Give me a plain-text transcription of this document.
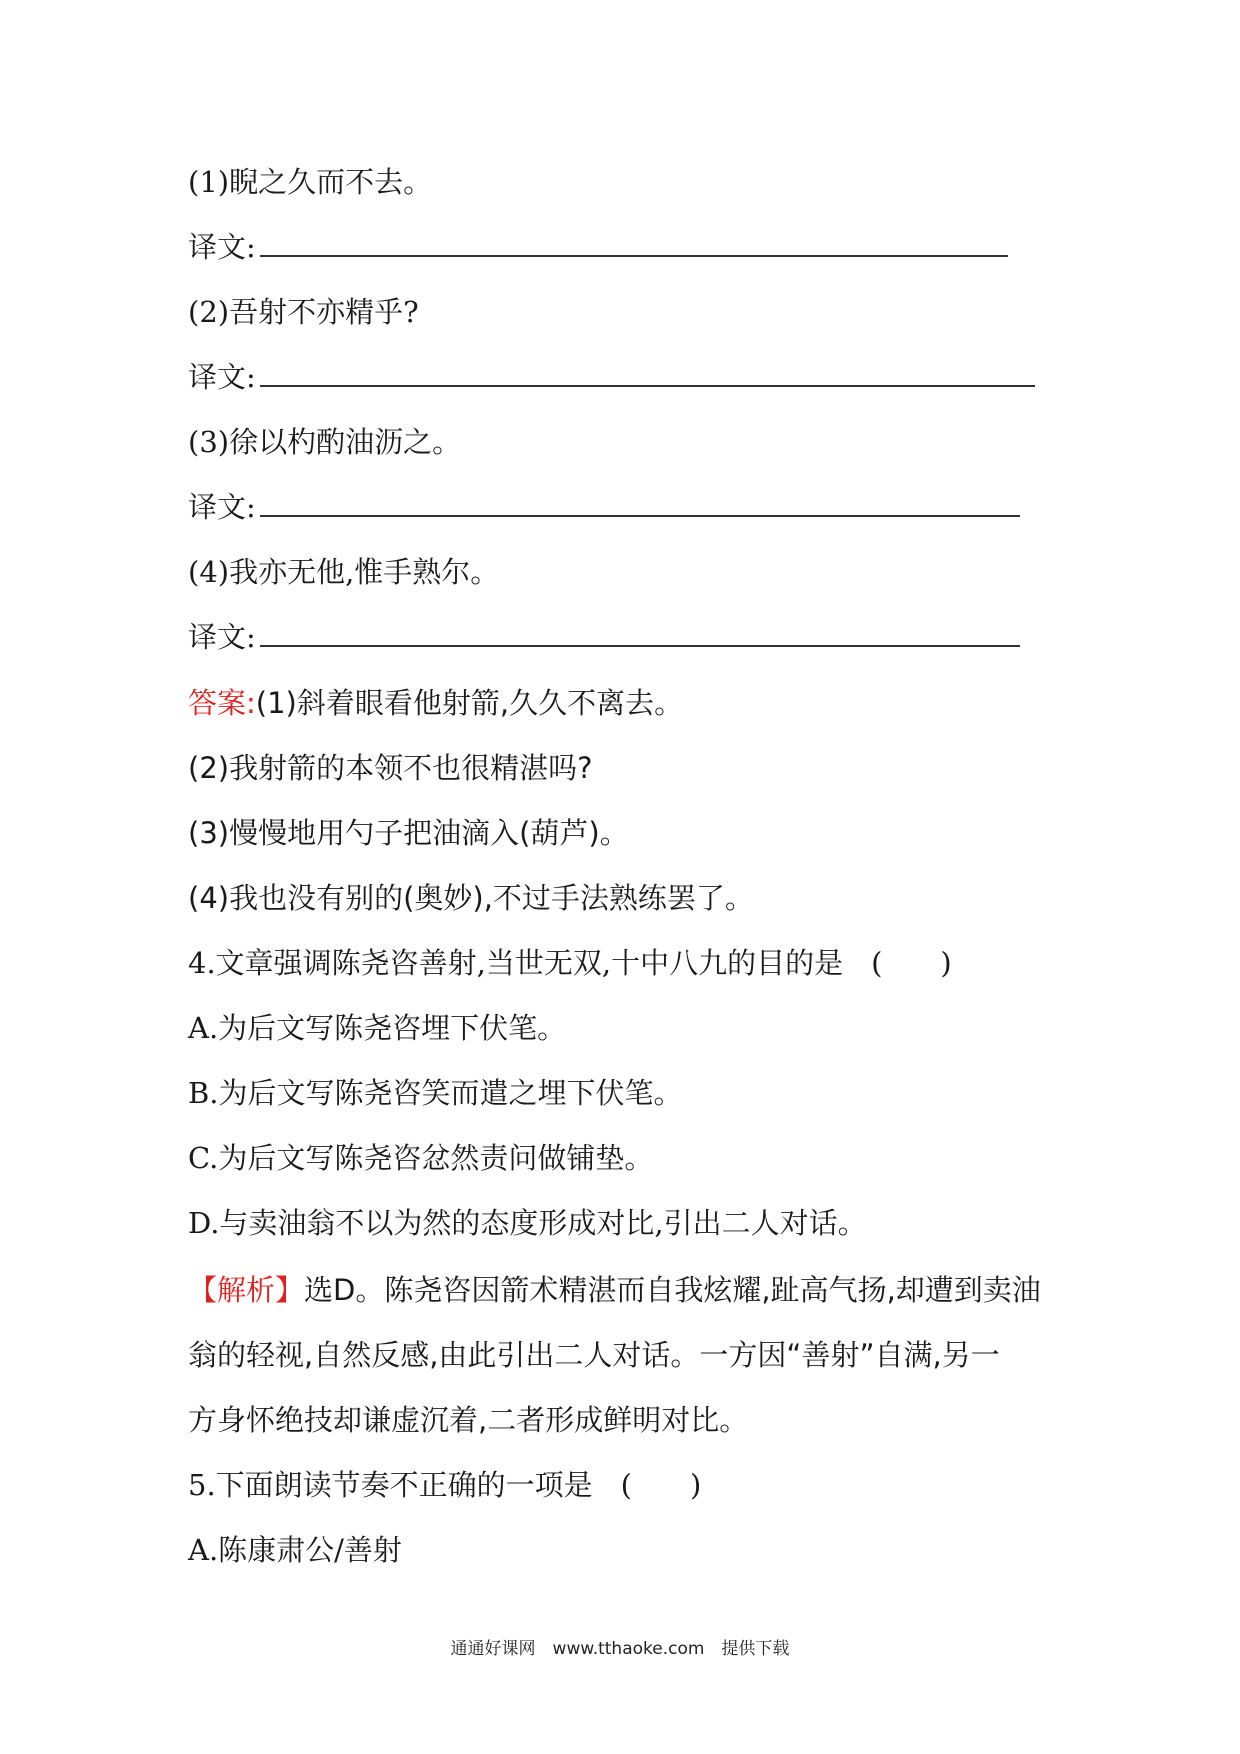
(1)睨之久而不去。
译文:
(2)吾射不亦精乎?
译文:
(3)徐以杓酌油沥之。
译文:
(4)我亦无他,惟手熟尔。
译文:
答案:(1)斜着眼看他射箭,久久不离去。
(2)我射箭的本领不也很精湛吗?
(3)慢慢地用勺子把油滴入(葫芦)。
(4)我也没有别的(奥妙),不过手法熟练罢了。
4.文章强调陈尧咨善射,当世无双,十中八九的目的是 (　　)
A.为后文写陈尧咨埋下伏笔。
B.为后文写陈尧咨笑而遣之埋下伏笔。
C.为后文写陈尧咨忿然责问做铺垫。
D.与卖油翁不以为然的态度形成对比,引出二人对话。
【解析】选D。陈尧咨因箭术精湛而自我炫耀,趾高气扬,却遭到卖油
翁的轻视,自然反感,由此引出二人对话。一方因“善射”自满,另一
方身怀绝技却谦虚沉着,二者形成鲜明对比。
5.下面朗读节奏不正确的一项是 (　　)
A.陈康肃公/善射
通通好课网　www.tthaoke.com　提供下载
